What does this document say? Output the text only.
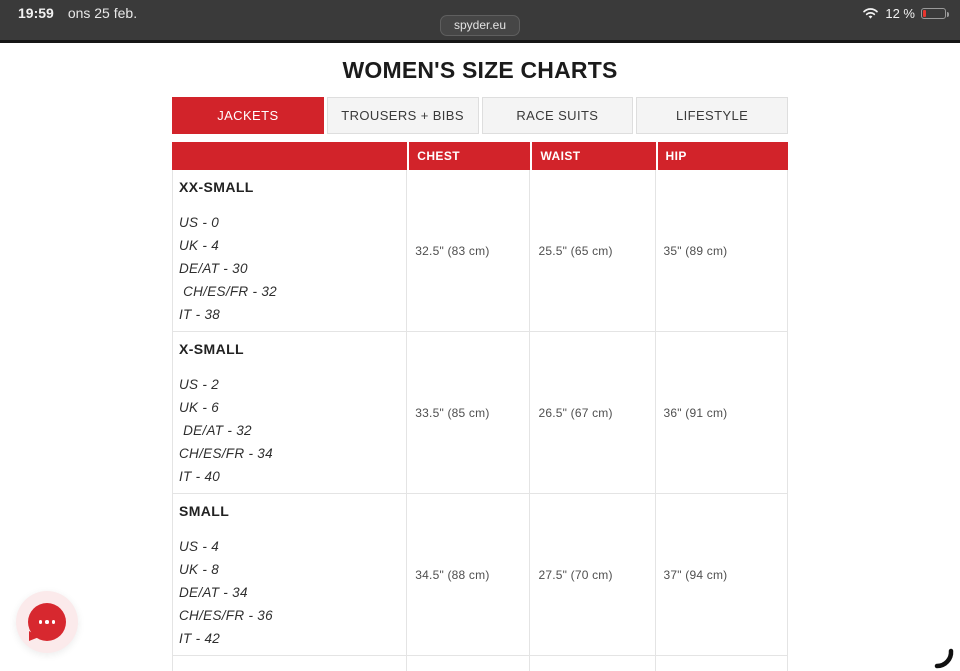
19:59 ons 25 feb.
spyder.eu
12 %
WOMEN'S SIZE CHARTS
JACKETS	TROUSERS + BIBS	RACE SUITS	LIFESTYLE
CHEST	WAIST	HIP
XX-SMALL
US - 0
UK - 4
DE/AT - 30
CH/ES/FR - 32
IT - 38
32.5" (83 cm)	25.5" (65 cm)	35" (89 cm)
X-SMALL
US - 2
UK - 6
DE/AT - 32
CH/ES/FR - 34
IT - 40
33.5" (85 cm)	26.5" (67 cm)	36" (91 cm)
SMALL
US - 4
UK - 8
DE/AT - 34
CH/ES/FR - 36
IT - 42
34.5" (88 cm)	27.5" (70 cm)	37" (94 cm)
